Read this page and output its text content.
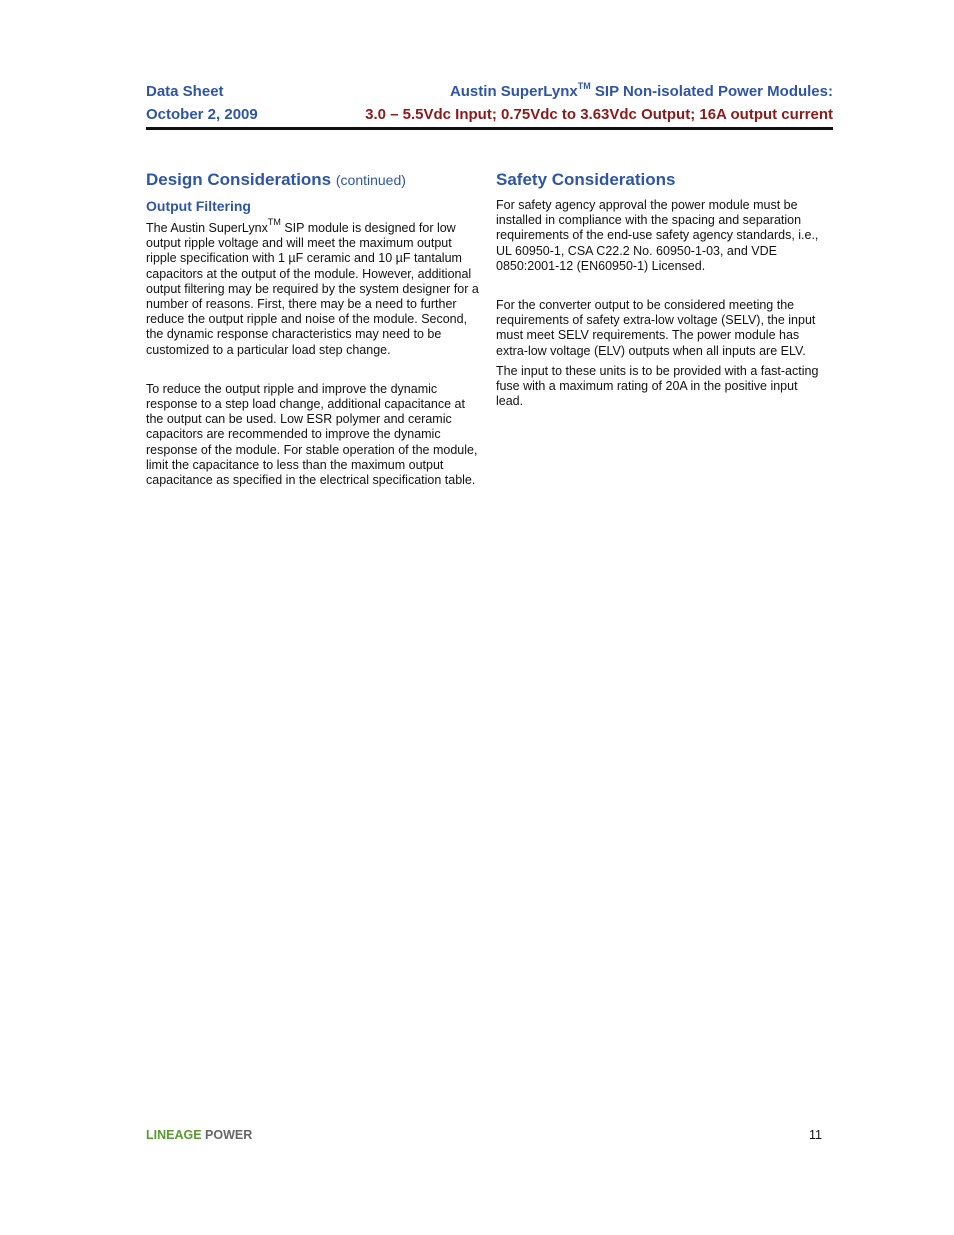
Data Sheet
October 2, 2009
Austin SuperLynx™ SIP Non-isolated Power Modules:
3.0 – 5.5Vdc Input; 0.75Vdc to 3.63Vdc Output; 16A output current
Design Considerations (continued)
Output Filtering

The Austin SuperLynx™ SIP module is designed for low output ripple voltage and will meet the maximum output ripple specification with 1 µF ceramic and 10 µF tantalum capacitors at the output of the module. However, additional output filtering may be required by the system designer for a number of reasons. First, there may be a need to further reduce the output ripple and noise of the module. Second, the dynamic response characteristics may need to be customized to a particular load step change.

To reduce the output ripple and improve the dynamic response to a step load change, additional capacitance at the output can be used. Low ESR polymer and ceramic capacitors are recommended to improve the dynamic response of the module. For stable operation of the module, limit the capacitance to less than the maximum output capacitance as specified in the electrical specification table.

Safety Considerations

For safety agency approval the power module must be installed in compliance with the spacing and separation requirements of the end-use safety agency standards, i.e., UL 60950-1, CSA C22.2 No. 60950-1-03, and VDE 0850:2001-12 (EN60950-1) Licensed.

For the converter output to be considered meeting the requirements of safety extra-low voltage (SELV), the input must meet SELV requirements. The power module has extra-low voltage (ELV) outputs when all inputs are ELV.

The input to these units is to be provided with a fast-acting fuse with a maximum rating of 20A in the positive input lead.

LINEAGE POWER	11
